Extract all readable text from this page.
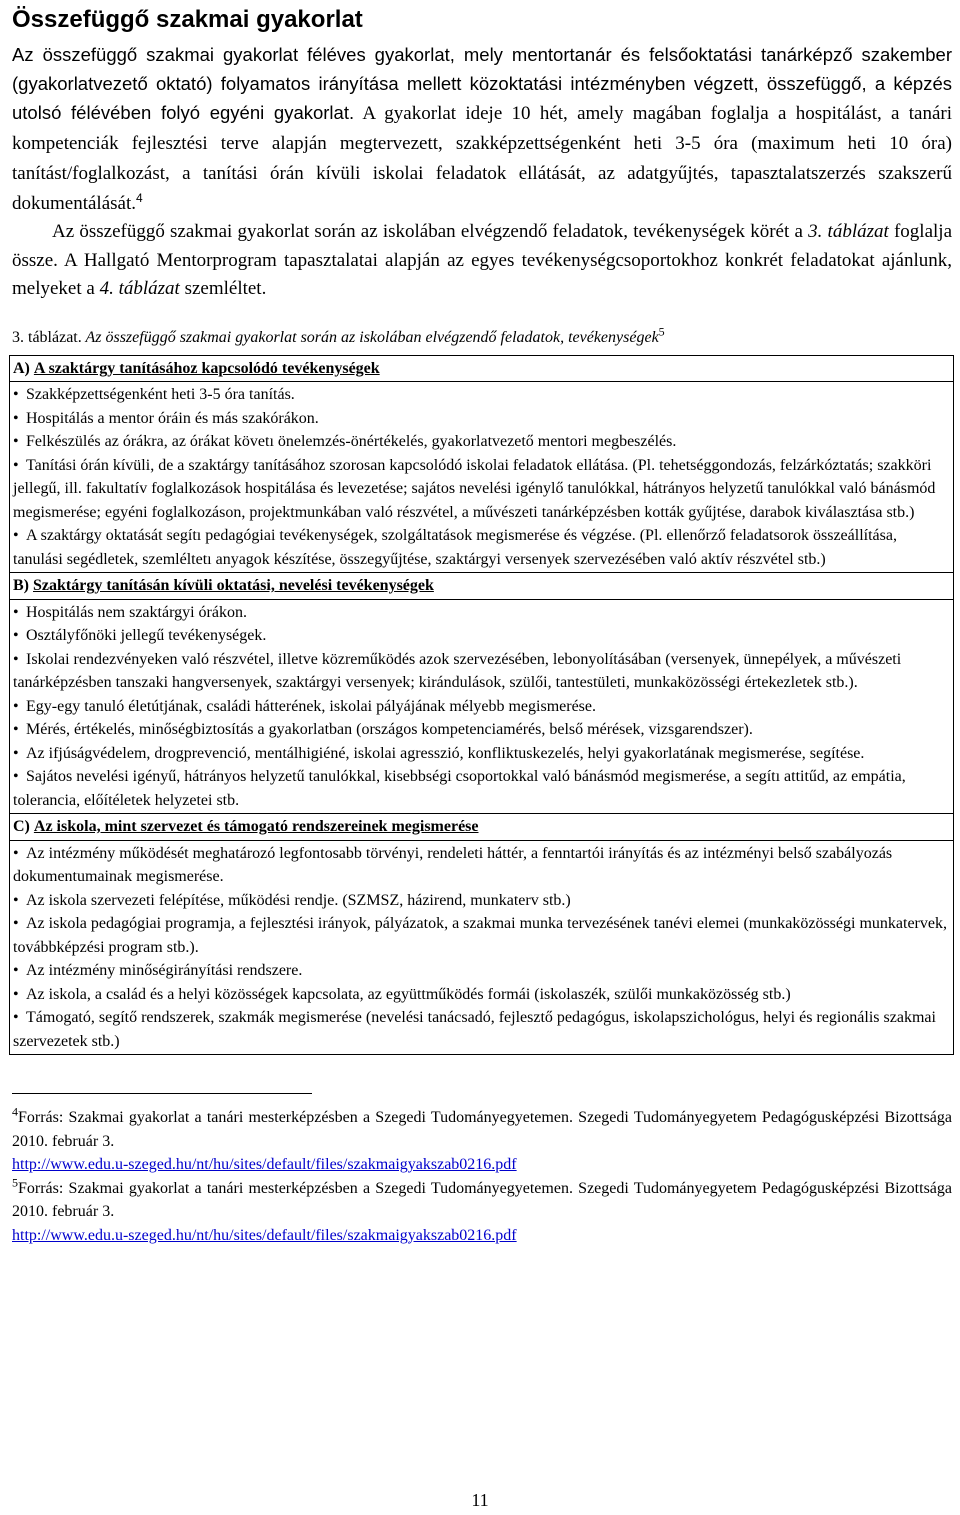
Összefüggő szakmai gyakorlat

Az összefüggő szakmai gyakorlat féléves gyakorlat, mely mentortanár és felsőoktatási tanárképző szakember (gyakorlatvezető oktató) folyamatos irányítása mellett közoktatási intézményben végzett, összefüggő, a képzés utolsó félévében folyó egyéni gyakorlat. A gyakorlat ideje 10 hét, amely magában foglalja a hospitálást, a tanári kompetenciák fejlesztési terve alapján megtervezett, szakképzettségenként heti 3-5 óra (maximum heti 10 óra) tanítást/foglalkozást, a tanítási órán kívüli iskolai feladatok ellátását, az adatgyűjtés, tapasztalatszerzés szakszerű dokumentálását.$^4$

Az összefüggő szakmai gyakorlat során az iskolában elvégzendő feladatok, tevékenységek körét a 3. táblázat foglalja össze. A Hallgató Mentorprogram tapasztalatai alapján az egyes tevékenységcsoportokhoz konkrét feladatokat ajánlunk, melyeket a 4. táblázat szemléltet.

3. táblázat. Az összefüggő szakmai gyakorlat során az iskolában elvégzendő feladatok, tevékenységek$^5$
A) A szaktárgy tanításához kapcsolódó tevékenységek

• Szakképzettségenként heti 3-5 óra tanítás.
• Hospitálás a mentor óráin és más szakórákon.
• Felkészülés az órákra, az órákat követı önelemzés-önértékelés, gyakorlatvezető mentori megbeszélés.
• Tanítási órán kívüli, de a szaktárgy tanításához szorosan kapcsolódó iskolai feladatok ellátása. (Pl. tehetséggondozás, felzárkóztatás; szakköri jellegű, ill. fakultatív foglalkozások hospitálása és levezetése; sajátos nevelési igénylő tanulókkal, hátrányos helyzetű tanulókkal való bánásmód megismerése; egyéni foglalkozáson, projektmunkában való részvétel, a művészeti tanárképzésben kották gyűjtése, darabok kiválasztása stb.)
• A szaktárgy oktatását segítı pedagógiai tevékenységek, szolgáltatások megismerése és végzése. (Pl. ellenőrző feladatsorok összeállítása, tanulási segédletek, szemléltetı anyagok készítése, összegyűjtése, szaktárgyi versenyek szervezésében való aktív részvétel stb.)

B) Szaktárgy tanításán kívüli oktatási, nevelési tevékenységek

• Hospitálás nem szaktárgyi órákon.
• Osztályfőnöki jellegű tevékenységek.
• Iskolai rendezvényeken való részvétel, illetve közreműködés azok szervezésében, lebonyolításában (versenyek, ünnepélyek, a művészeti tanárképzésben tanszaki hangversenyek, szaktárgyi versenyek; kirándulások, szülői, tantestületi, munkaközösségi értekezletek stb.).
• Egy-egy tanuló életútjának, családi hátterének, iskolai pályájának mélyebb megismerése.
• Mérés, értékelés, minőségbiztosítás a gyakorlatban (országos kompetenciamérés, belső mérések, vizsgarendszer).
• Az ifjúságvédelem, drogprevenció, mentálhigiéné, iskolai agresszió, konfliktuskezelés, helyi gyakorlatának megismerése, segítése.
• Sajátos nevelési igényű, hátrányos helyzetű tanulókkal, kisebbségi csoportokkal való bánásmód megismerése, a segítı attitűd, az empátia, tolerancia, előítéletek helyzetei stb.

C) Az iskola, mint szervezet és támogató rendszereinek megismerése

• Az intézmény működését meghatározó legfontosabb törvényi, rendeleti háttér, a fenntartói irányítás és az intézményi belső szabályozás dokumentumainak megismerése.
• Az iskola szervezeti felépítése, működési rendje. (SZMSZ, házirend, munkaterv stb.)
• Az iskola pedagógiai programja, a fejlesztési irányok, pályázatok, a szakmai munka tervezésének tanévi elemei (munkaközösségi munkatervek, továbbképzési program stb.).
• Az intézmény minőségirányítási rendszere.
• Az iskola, a család és a helyi közösségek kapcsolata, az együttműködés formái (iskolaszék, szülői munkaközösség stb.)
• Támogató, segítő rendszerek, szakmák megismerése (nevelési tanácsadó, fejlesztő pedagógus, iskolapszichológus, helyi és regionális szakmai szervezetek stb.)

$^4$Forrás: Szakmai gyakorlat a tanári mesterképzésben a Szegedi Tudományegyetemen. Szegedi Tudományegyetem Pedagógusképzési Bizottsága 2010. február 3.
http://www.edu.u-szeged.hu/nt/hu/sites/default/files/szakmaigyakszab0216.pdf

$^5$Forrás: Szakmai gyakorlat a tanári mesterképzésben a Szegedi Tudományegyetemen. Szegedi Tudományegyetem Pedagógusképzési Bizottsága 2010. február 3.
http://www.edu.u-szeged.hu/nt/hu/sites/default/files/szakmaigyakszab0216.pdf

11
